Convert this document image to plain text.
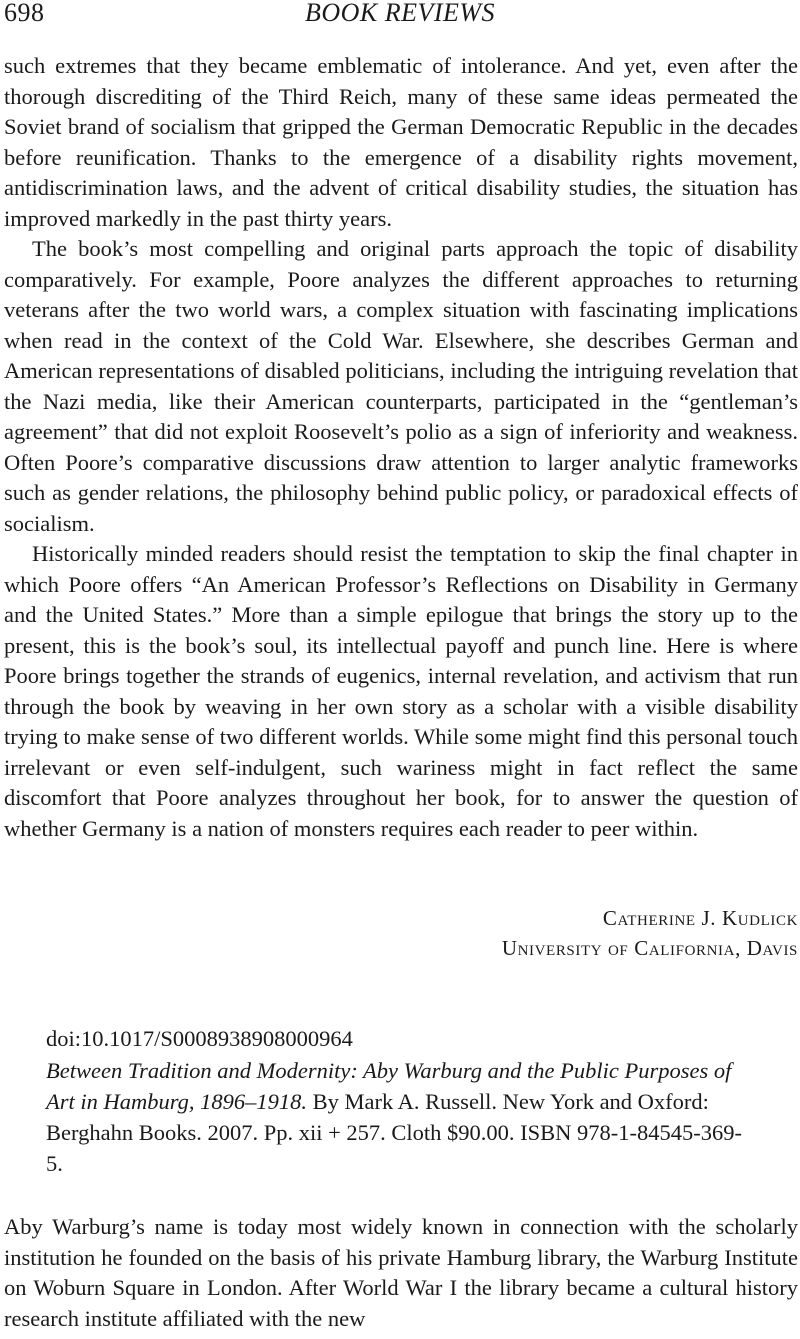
698	BOOK REVIEWS

such extremes that they became emblematic of intolerance. And yet, even after the thorough discrediting of the Third Reich, many of these same ideas permeated the Soviet brand of socialism that gripped the German Democratic Republic in the decades before reunification. Thanks to the emergence of a disability rights movement, antidiscrimination laws, and the advent of critical disability studies, the situation has improved markedly in the past thirty years.

The book’s most compelling and original parts approach the topic of disability comparatively. For example, Poore analyzes the different approaches to returning veterans after the two world wars, a complex situation with fascinating implications when read in the context of the Cold War. Elsewhere, she describes German and American representations of disabled politicians, including the intriguing revelation that the Nazi media, like their American counterparts, participated in the “gentleman’s agreement” that did not exploit Roosevelt’s polio as a sign of inferiority and weakness. Often Poore’s comparative discussions draw attention to larger analytic frameworks such as gender relations, the philosophy behind public policy, or paradoxical effects of socialism.

Historically minded readers should resist the temptation to skip the final chapter in which Poore offers “An American Professor’s Reflections on Disability in Germany and the United States.” More than a simple epilogue that brings the story up to the present, this is the book’s soul, its intellectual payoff and punch line. Here is where Poore brings together the strands of eugenics, internal revelation, and activism that run through the book by weaving in her own story as a scholar with a visible disability trying to make sense of two different worlds. While some might find this personal touch irrelevant or even self-indulgent, such wariness might in fact reflect the same discomfort that Poore analyzes throughout her book, for to answer the question of whether Germany is a nation of monsters requires each reader to peer within.

Catherine J. Kudlick
University of California, Davis
doi:10.1017/S0008938908000964
Between Tradition and Modernity: Aby Warburg and the Public Purposes of Art in Hamburg, 1896–1918. By Mark A. Russell. New York and Oxford: Berghahn Books. 2007. Pp. xii + 257. Cloth $90.00. ISBN 978-1-84545-369-5.

Aby Warburg’s name is today most widely known in connection with the scholarly institution he founded on the basis of his private Hamburg library, the Warburg Institute on Woburn Square in London. After World War I the library became a cultural history research institute affiliated with the new
